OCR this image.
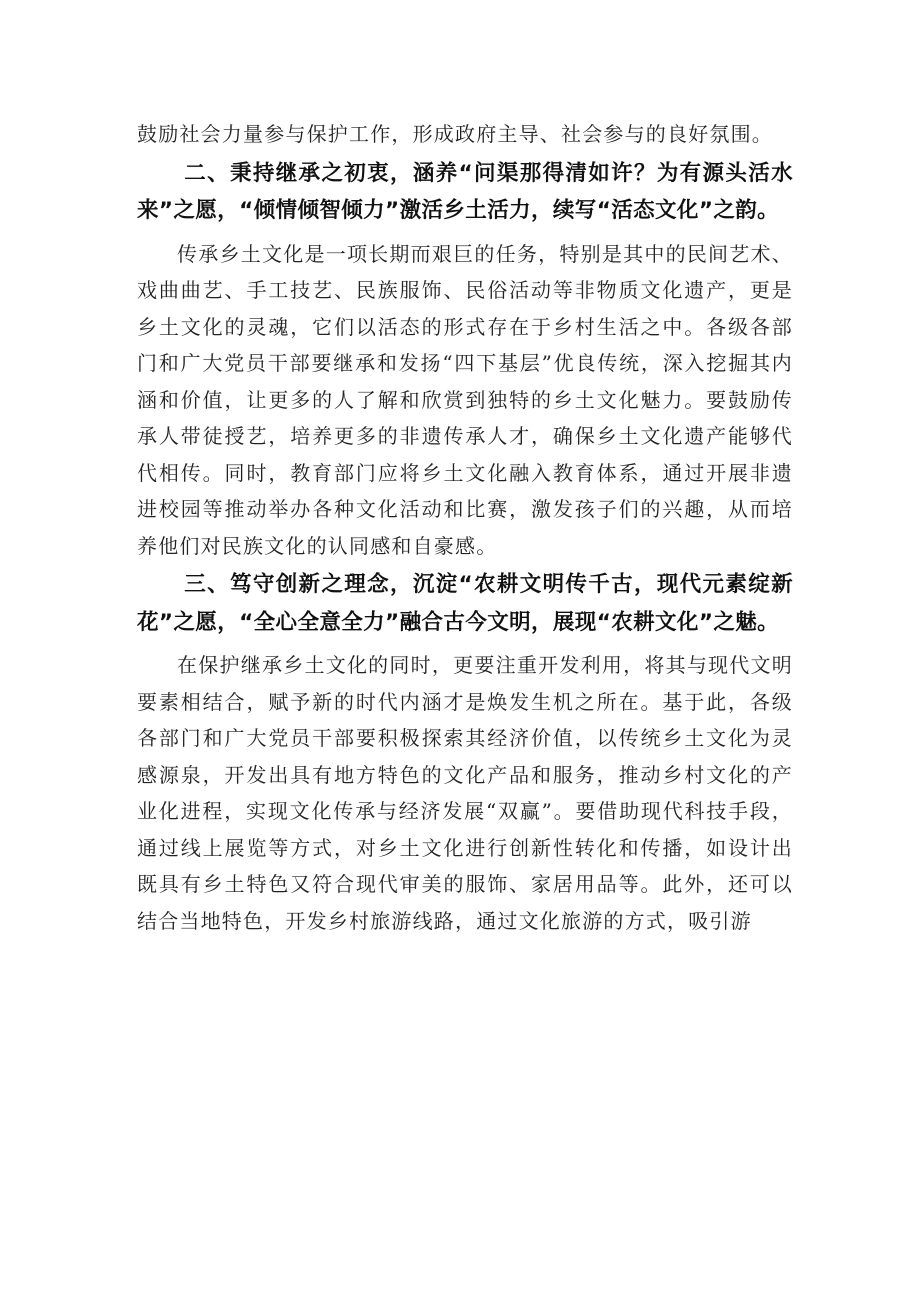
鼓励社会力量参与保护工作，形成政府主导、社会参与的良好氛围。

二、秉持继承之初衷，涵养“问渠那得清如许？为有源头活水来”之愿，“倾情倾智倾力”激活乡土活力，续写“活态文化”之韵。

传承乡土文化是一项长期而艰巨的任务，特别是其中的民间艺术、戏曲曲艺、手工技艺、民族服饰、民俗活动等非物质文化遗产，更是乡土文化的灵魂，它们以活态的形式存在于乡村生活之中。各级各部门和广大党员干部要继承和发扬“四下基层”优良传统，深入挖掘其内涵和价值，让更多的人了解和欣赏到独特的乡土文化魅力。要鼓励传承人带徒授艺，培养更多的非遗传承人才，确保乡土文化遗产能够代代相传。同时，教育部门应将乡土文化融入教育体系，通过开展非遗进校园等推动举办各种文化活动和比赛，激发孩子们的兴趣，从而培养他们对民族文化的认同感和自豪感。

三、笃守创新之理念，沉淀“农耕文明传千古，现代元素绽新花”之愿，“全心全意全力”融合古今文明，展现“农耕文化”之魅。

在保护继承乡土文化的同时，更要注重开发利用，将其与现代文明要素相结合，赋予新的时代内涵才是焕发生机之所在。基于此，各级各部门和广大党员干部要积极探索其经济价值，以传统乡土文化为灵感源泉，开发出具有地方特色的文化产品和服务，推动乡村文化的产业化进程，实现文化传承与经济发展“双赢”。要借助现代科技手段，通过线上展览等方式，对乡土文化进行创新性转化和传播，如设计出既具有乡土特色又符合现代审美的服饰、家居用品等。此外，还可以结合当地特色，开发乡村旅游线路，通过文化旅游的方式，吸引游
